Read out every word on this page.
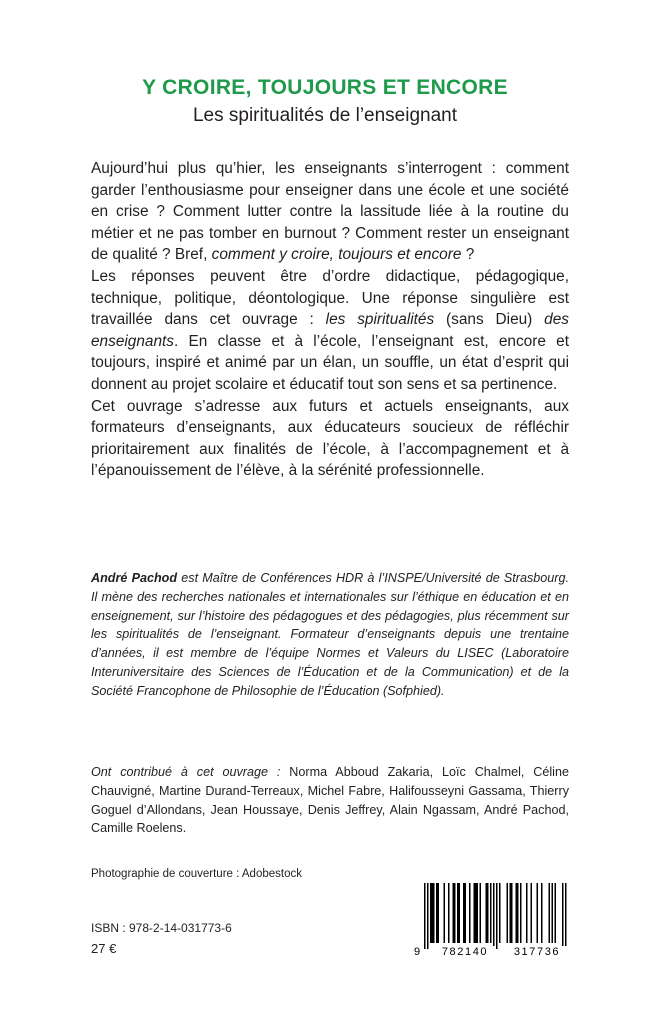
Y CROIRE, TOUJOURS ET ENCORE
Les spiritualités de l’enseignant

Aujourd’hui plus qu’hier, les enseignants s’interrogent : comment garder l’enthousiasme pour enseigner dans une école et une société en crise ? Comment lutter contre la lassitude liée à la routine du métier et ne pas tomber en burnout ? Comment rester un enseignant de qualité ? Bref, comment y croire, toujours et encore ?

Les réponses peuvent être d’ordre didactique, pédagogique, technique, politique, déontologique. Une réponse singulière est travaillée dans cet ouvrage : les spiritualités (sans Dieu) des enseignants. En classe et à l’école, l’enseignant est, encore et toujours, inspiré et animé par un élan, un souffle, un état d’esprit qui donnent au projet scolaire et éducatif tout son sens et sa pertinence.

Cet ouvrage s’adresse aux futurs et actuels enseignants, aux formateurs d’enseignants, aux éducateurs soucieux de réfléchir prioritairement aux finalités de l’école, à l’accompagnement et à l’épanouissement de l’élève, à la sérénité professionnelle.

André Pachod est Maître de Conférences HDR à l’INSPE/Université de Strasbourg. Il mène des recherches nationales et internationales sur l’éthique en éducation et en enseignement, sur l’histoire des pédagogues et des pédagogies, plus récemment sur les spiritualités de l’enseignant. Formateur d’enseignants depuis une trentaine d’années, il est membre de l’équipe Normes et Valeurs du LISEC (Laboratoire Interuniversitaire des Sciences de l’Éducation et de la Communication) et de la Société Francophone de Philosophie de l’Éducation (Sofphied).
Ont contribué à cet ouvrage : Norma Abboud Zakaria, Loïc Chalmel, Céline Chauvigné, Martine Durand-Terreaux, Michel Fabre, Halifousseyni Gassama, Thierry Goguel d’Allondans, Jean Houssaye, Denis Jeffrey, Alain Ngassam, André Pachod, Camille Roelens.
Photographie de couverture : Adobestock
ISBN : 978-2-14-031773-6
27 €	9	782140	317736
